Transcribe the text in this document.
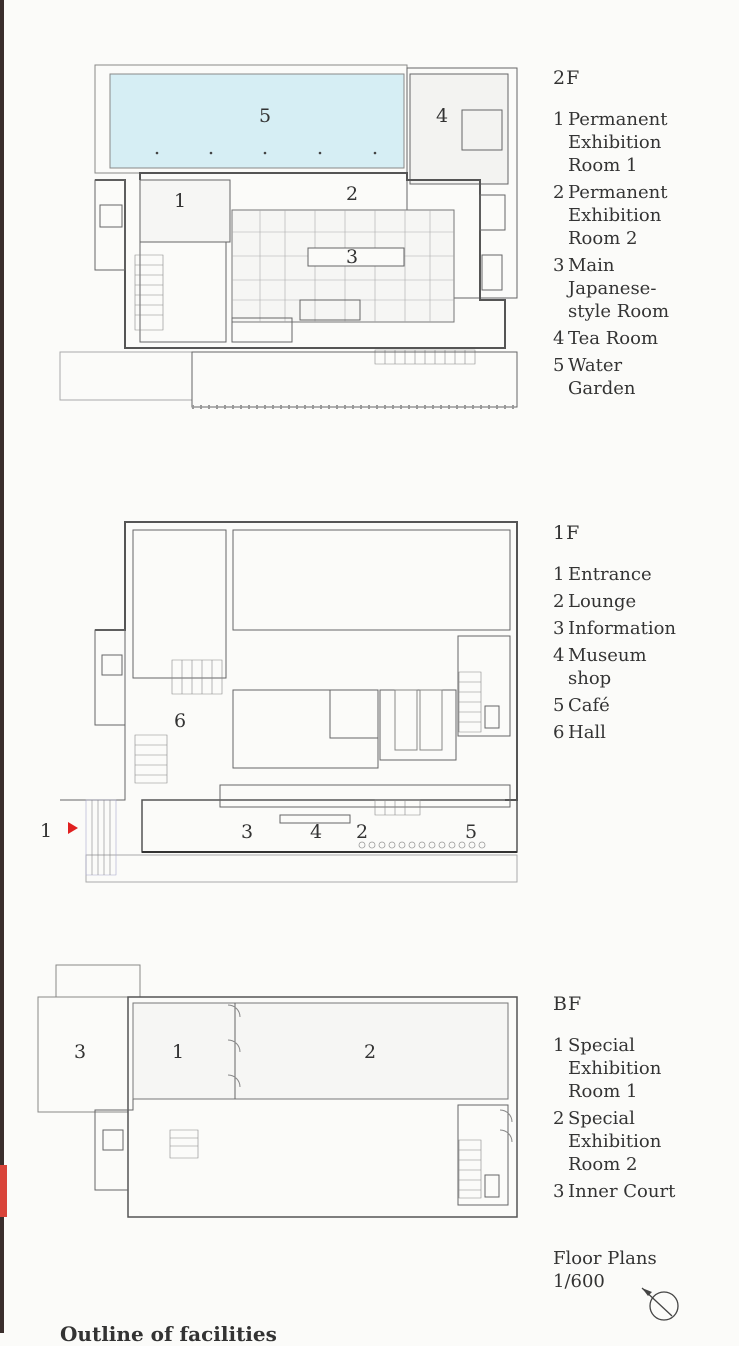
5	4
1	2
3
1
6
3	4 2	5
3	1	2
2F
1 Permanent
Exhibition
Room 1
2 Permanent
Exhibition
Room 2
3 Main
Japanese-
style Room
4 Tea Room
5 Water
Garden
1F
1 Entrance
2 Lounge
3 Information
4 Museum
shop
5 Café
6 Hall
BF
1 Special
Exhibition
Room 1
2 Special
Exhibition
Room 2
3 Inner Court
Floor Plans
1/600
Outline of facilities
